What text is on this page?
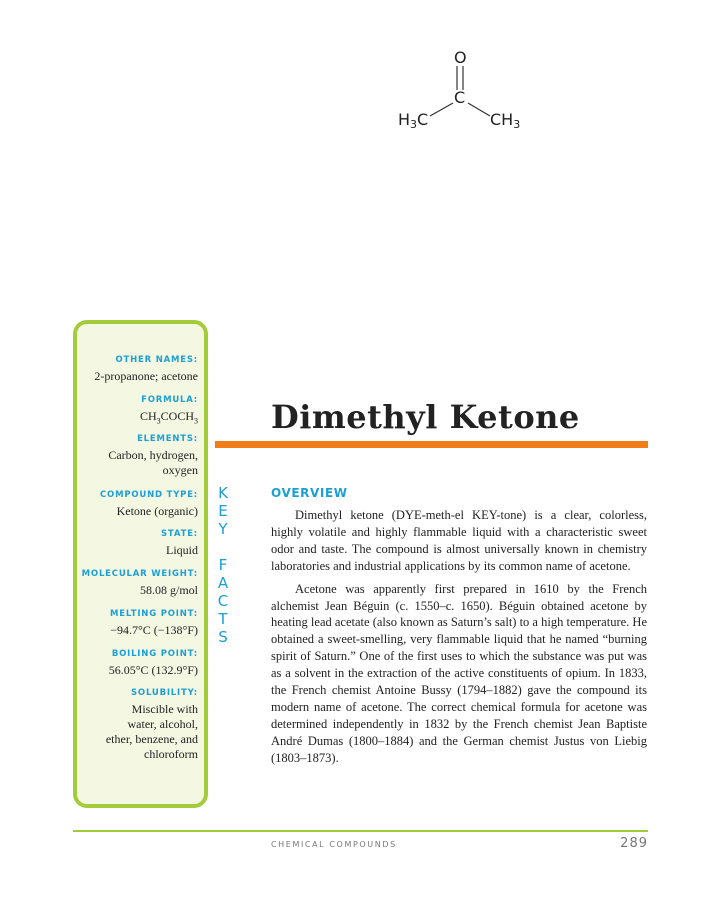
O
C
$H_3C$	$CH_3$
OTHER NAMES:
2-propanone; acetone
FORMULA:
$CH_3COCH_3$
ELEMENTS:
Carbon, hydrogen, oxygen
COMPOUND TYPE:
Ketone (organic)
STATE:
Liquid
MOLECULAR WEIGHT:
58.08 g/mol
MELTING POINT:
−94.7°C (−138°F)
BOILING POINT:
56.05°C (132.9°F)
SOLUBILITY:
Miscible with water, alcohol, ether, benzene, and chloroform
K
E
Y

F
A
C
T
S
Dimethyl Ketone
OVERVIEW

Dimethyl ketone (DYE-meth-el KEY-tone) is a clear, colorless, highly volatile and highly flammable liquid with a characteristic sweet odor and taste. The compound is almost universally known in chemistry laboratories and industrial applications by its common name of acetone.

Acetone was apparently first prepared in 1610 by the French alchemist Jean Béguin (c. 1550–c. 1650). Béguin obtained acetone by heating lead acetate (also known as Saturn’s salt) to a high temperature. He obtained a sweet-smelling, very flammable liquid that he named “burning spirit of Saturn.” One of the first uses to which the substance was put was as a solvent in the extraction of the active constituents of opium. In 1833, the French chemist Antoine Bussy (1794–1882) gave the compound its modern name of acetone. The correct chemical formula for acetone was determined independently in 1832 by the French chemist Jean Baptiste André Dumas (1800–1884) and the German chemist Justus von Liebig (1803–1873).

CHEMICAL COMPOUNDS	289
